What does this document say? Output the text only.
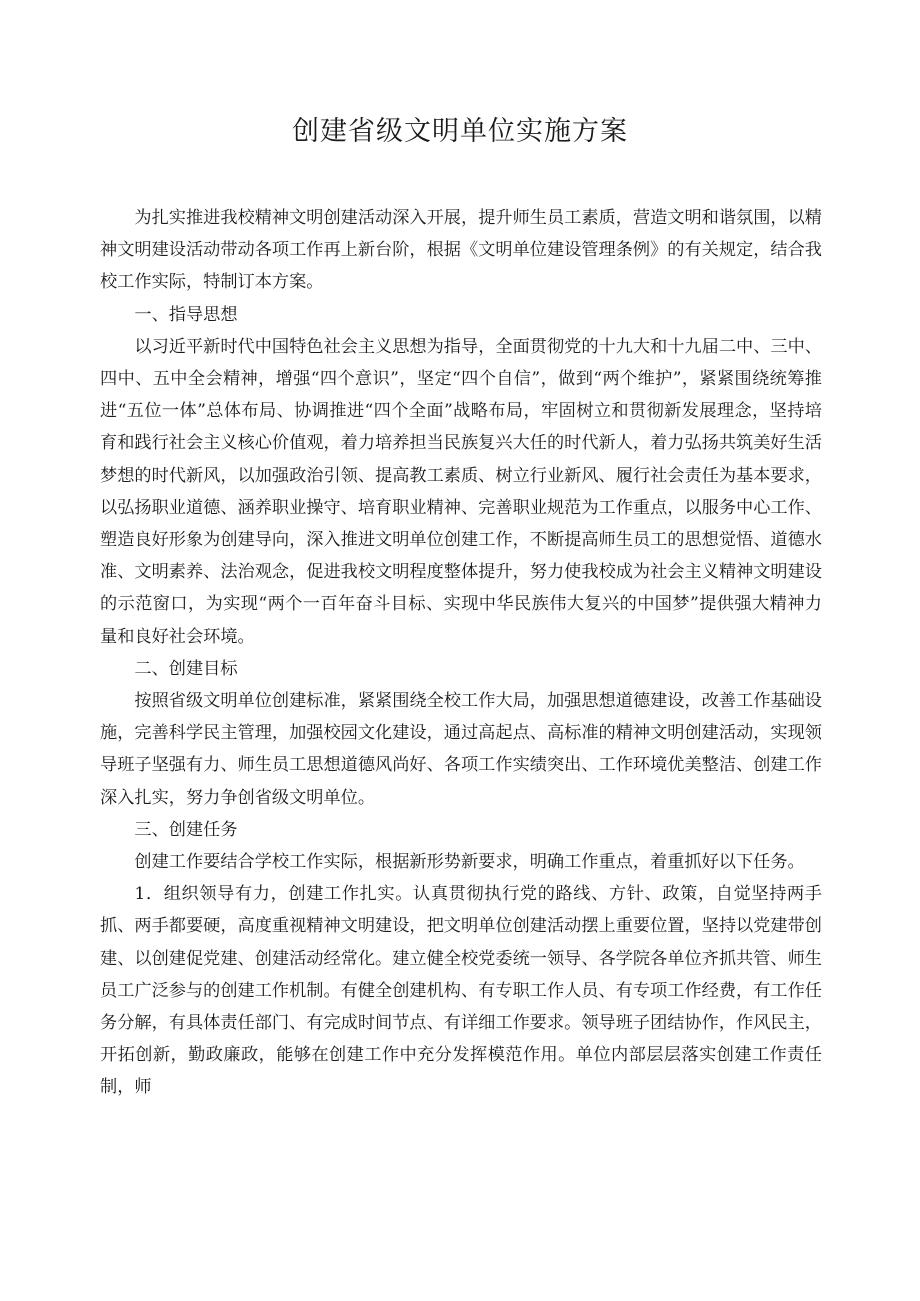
创建省级文明单位实施方案

为扎实推进我校精神文明创建活动深入开展，提升师生员工素质，营造文明和谐氛围，以精神文明建设活动带动各项工作再上新台阶，根据《文明单位建设管理条例》的有关规定，结合我校工作实际，特制订本方案。

一、指导思想

以习近平新时代中国特色社会主义思想为指导，全面贯彻党的十九大和十九届二中、三中、四中、五中全会精神，增强“四个意识”，坚定“四个自信”，做到“两个维护”，紧紧围绕统筹推进“五位一体”总体布局、协调推进“四个全面”战略布局，牢固树立和贯彻新发展理念，坚持培育和践行社会主义核心价值观，着力培养担当民族复兴大任的时代新人，着力弘扬共筑美好生活梦想的时代新风，以加强政治引领、提高教工素质、树立行业新风、履行社会责任为基本要求，以弘扬职业道德、涵养职业操守、培育职业精神、完善职业规范为工作重点，以服务中心工作、塑造良好形象为创建导向，深入推进文明单位创建工作，不断提高师生员工的思想觉悟、道德水准、文明素养、法治观念，促进我校文明程度整体提升，努力使我校成为社会主义精神文明建设的示范窗口，为实现“两个一百年奋斗目标、实现中华民族伟大复兴的中国梦”提供强大精神力量和良好社会环境。

二、创建目标

按照省级文明单位创建标准，紧紧围绕全校工作大局，加强思想道德建设，改善工作基础设施，完善科学民主管理，加强校园文化建设，通过高起点、高标准的精神文明创建活动，实现领导班子坚强有力、师生员工思想道德风尚好、各项工作实绩突出、工作环境优美整洁、创建工作深入扎实，努力争创省级文明单位。

三、创建任务

创建工作要结合学校工作实际，根据新形势新要求，明确工作重点，着重抓好以下任务。

1．组织领导有力，创建工作扎实。认真贯彻执行党的路线、方针、政策，自觉坚持两手抓、两手都要硬，高度重视精神文明建设，把文明单位创建活动摆上重要位置，坚持以党建带创建、以创建促党建、创建活动经常化。建立健全校党委统一领导、各学院各单位齐抓共管、师生员工广泛参与的创建工作机制。有健全创建机构、有专职工作人员、有专项工作经费，有工作任务分解，有具体责任部门、有完成时间节点、有详细工作要求。领导班子团结协作，作风民主，开拓创新，勤政廉政，能够在创建工作中充分发挥模范作用。单位内部层层落实创建工作责任制，师
